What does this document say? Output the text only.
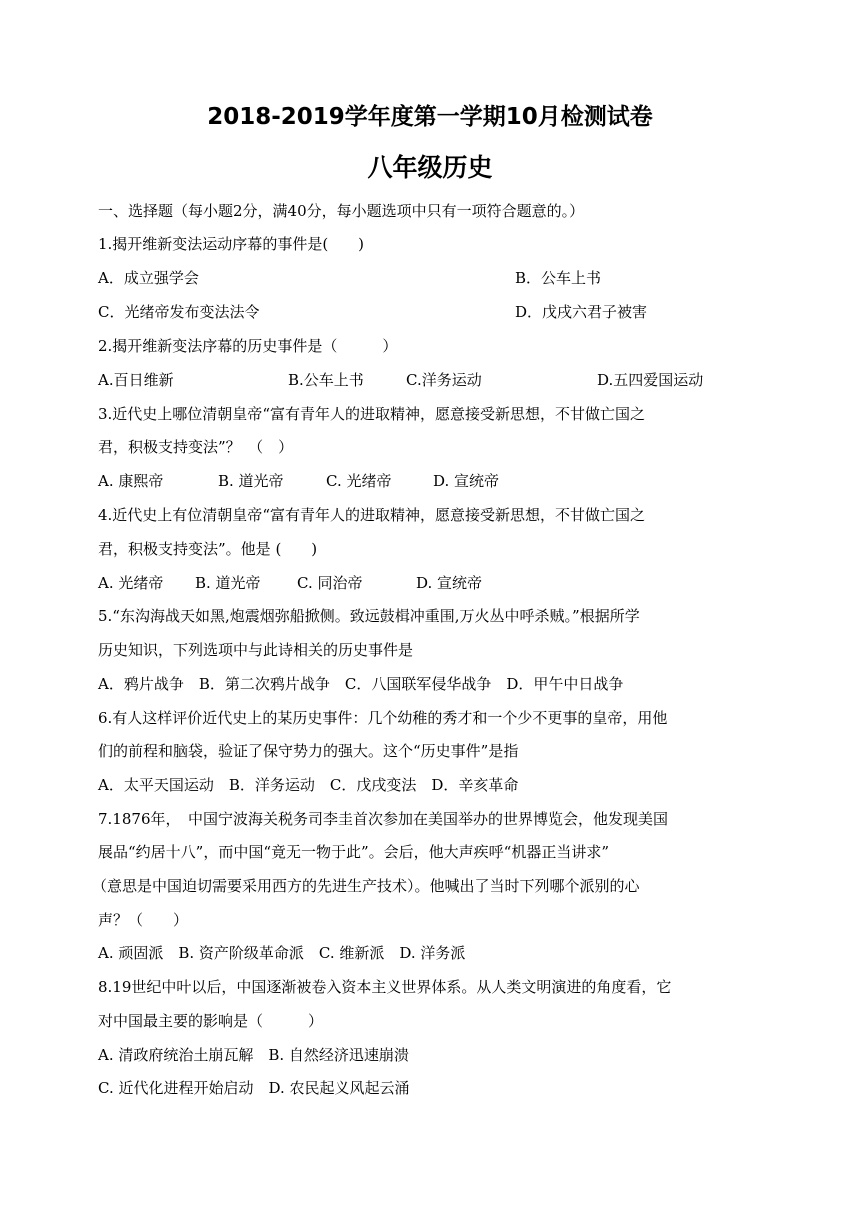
2018-2019学年度第一学期10月检测试卷
八年级历史
一、选择题（每小题2分，满40分，每小题选项中只有一项符合题意的。）
1.揭开维新变法运动序幕的事件是(　　)
A．成立强学会	B．公车上书
C．光绪帝发布变法法令	D．戊戌六君子被害
2.揭开维新变法序幕的历史事件是（　　　）
A.百日维新	B.公车上书	C.洋务运动	D.五四爱国运动
3.近代史上哪位清朝皇帝“富有青年人的进取精神，愿意接受新思想，不甘做亡国之
君，积极支持变法”？　（　）
A. 康熙帝	B. 道光帝	C. 光绪帝	D. 宣统帝
4.近代史上有位清朝皇帝“富有青年人的进取精神，愿意接受新思想，不甘做亡国之
君，积极支持变法”。他是 (　　)
A. 光绪帝 B. 道光帝 C. 同治帝	D. 宣统帝
5.“东沟海战天如黑,炮震烟弥船掀侧。致远鼓楫冲重围,万火丛中呼杀贼。”根据所学
历史知识，下列选项中与此诗相关的历史事件是
A．鸦片战争　B．第二次鸦片战争　C．八国联军侵华战争　D．甲午中日战争
6.有人这样评价近代史上的某历史事件：几个幼稚的秀才和一个少不更事的皇帝，用他
们的前程和脑袋，验证了保守势力的强大。这个“历史事件”是指
A．太平天国运动　B．洋务运动　C．戊戌变法　D．辛亥革命
7.1876年，　中国宁波海关税务司李圭首次参加在美国举办的世界博览会，他发现美国
展品“约居十八”，而中国“竟无一物于此”。会后，他大声疾呼“机器正当讲求”
（意思是中国迫切需要采用西方的先进生产技术）。他喊出了当时下列哪个派别的心
声？（　　）
A. 顽固派　B. 资产阶级革命派　C. 维新派　D. 洋务派
8.19世纪中叶以后，中国逐渐被卷入资本主义世界体系。从人类文明演进的角度看，它
对中国最主要的影响是（　　　）
A. 清政府统治土崩瓦解　B. 自然经济迅速崩溃
C. 近代化进程开始启动　D. 农民起义风起云涌
